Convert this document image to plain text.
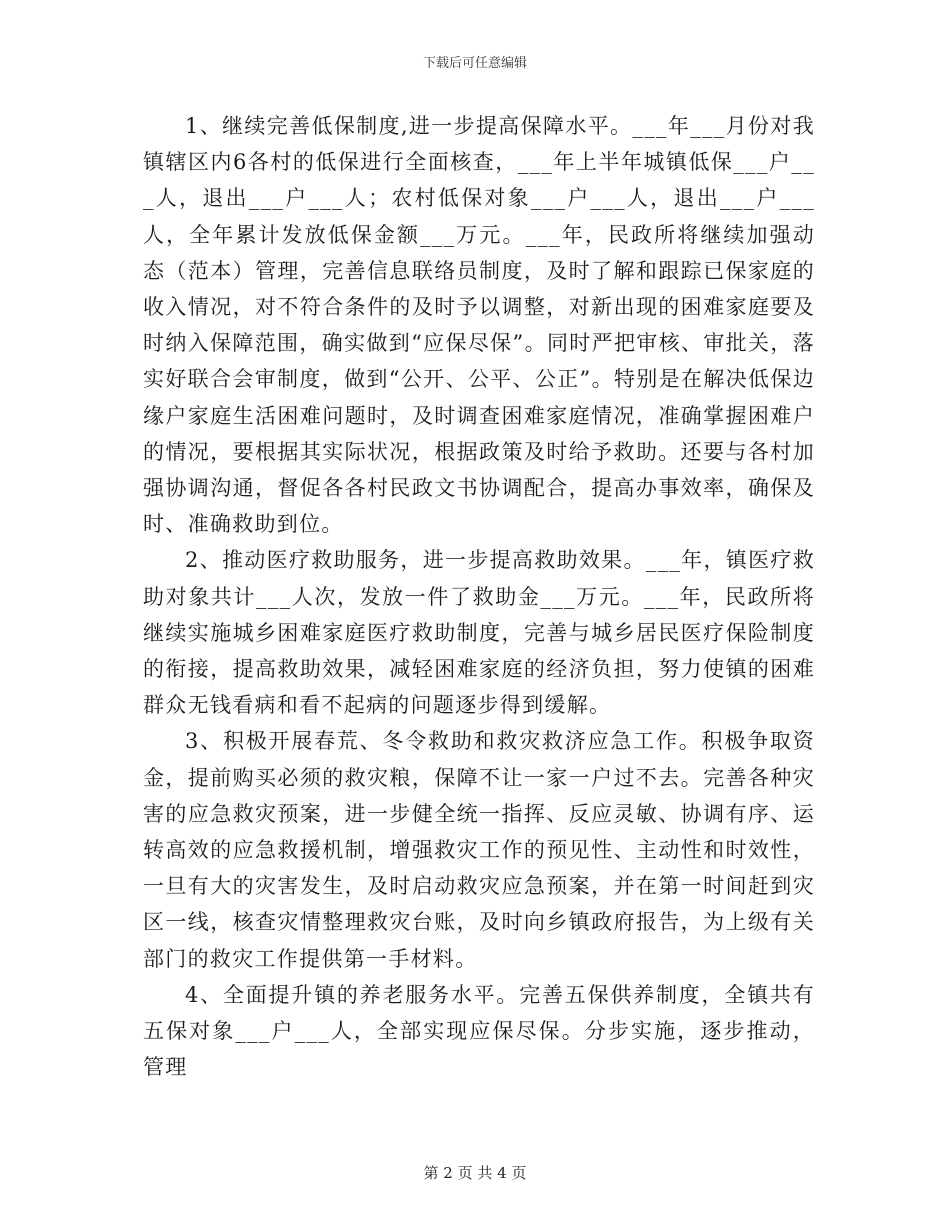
下载后可任意编辑

1、继续完善低保制度,进一步提高保障水平。___年___月份对我镇辖区内6各村的低保进行全面核查，___年上半年城镇低保___户___人，退出___户___人；农村低保对象___户___人，退出___户___人，全年累计发放低保金额___万元。___年，民政所将继续加强动态（范本）管理，完善信息联络员制度，及时了解和跟踪已保家庭的收入情况，对不符合条件的及时予以调整，对新出现的困难家庭要及时纳入保障范围，确实做到“应保尽保”。同时严把审核、审批关，落实好联合会审制度，做到“公开、公平、公正”。特别是在解决低保边缘户家庭生活困难问题时，及时调查困难家庭情况，准确掌握困难户的情况，要根据其实际状况，根据政策及时给予救助。还要与各村加强协调沟通，督促各各村民政文书协调配合，提高办事效率，确保及时、准确救助到位。

2、推动医疗救助服务，进一步提高救助效果。___年，镇医疗救助对象共计___人次，发放一件了救助金___万元。___年，民政所将继续实施城乡困难家庭医疗救助制度，完善与城乡居民医疗保险制度的衔接，提高救助效果，减轻困难家庭的经济负担，努力使镇的困难群众无钱看病和看不起病的问题逐步得到缓解。

3、积极开展春荒、冬令救助和救灾救济应急工作。积极争取资金，提前购买必须的救灾粮，保障不让一家一户过不去。完善各种灾害的应急救灾预案，进一步健全统一指挥、反应灵敏、协调有序、运转高效的应急救援机制，增强救灾工作的预见性、主动性和时效性，一旦有大的灾害发生，及时启动救灾应急预案，并在第一时间赶到灾区一线，核查灾情整理救灾台账，及时向乡镇政府报告，为上级有关部门的救灾工作提供第一手材料。

4、全面提升镇的养老服务水平。完善五保供养制度，全镇共有五保对象___户___人，全部实现应保尽保。分步实施，逐步推动，管理

第 2 页 共 4 页
